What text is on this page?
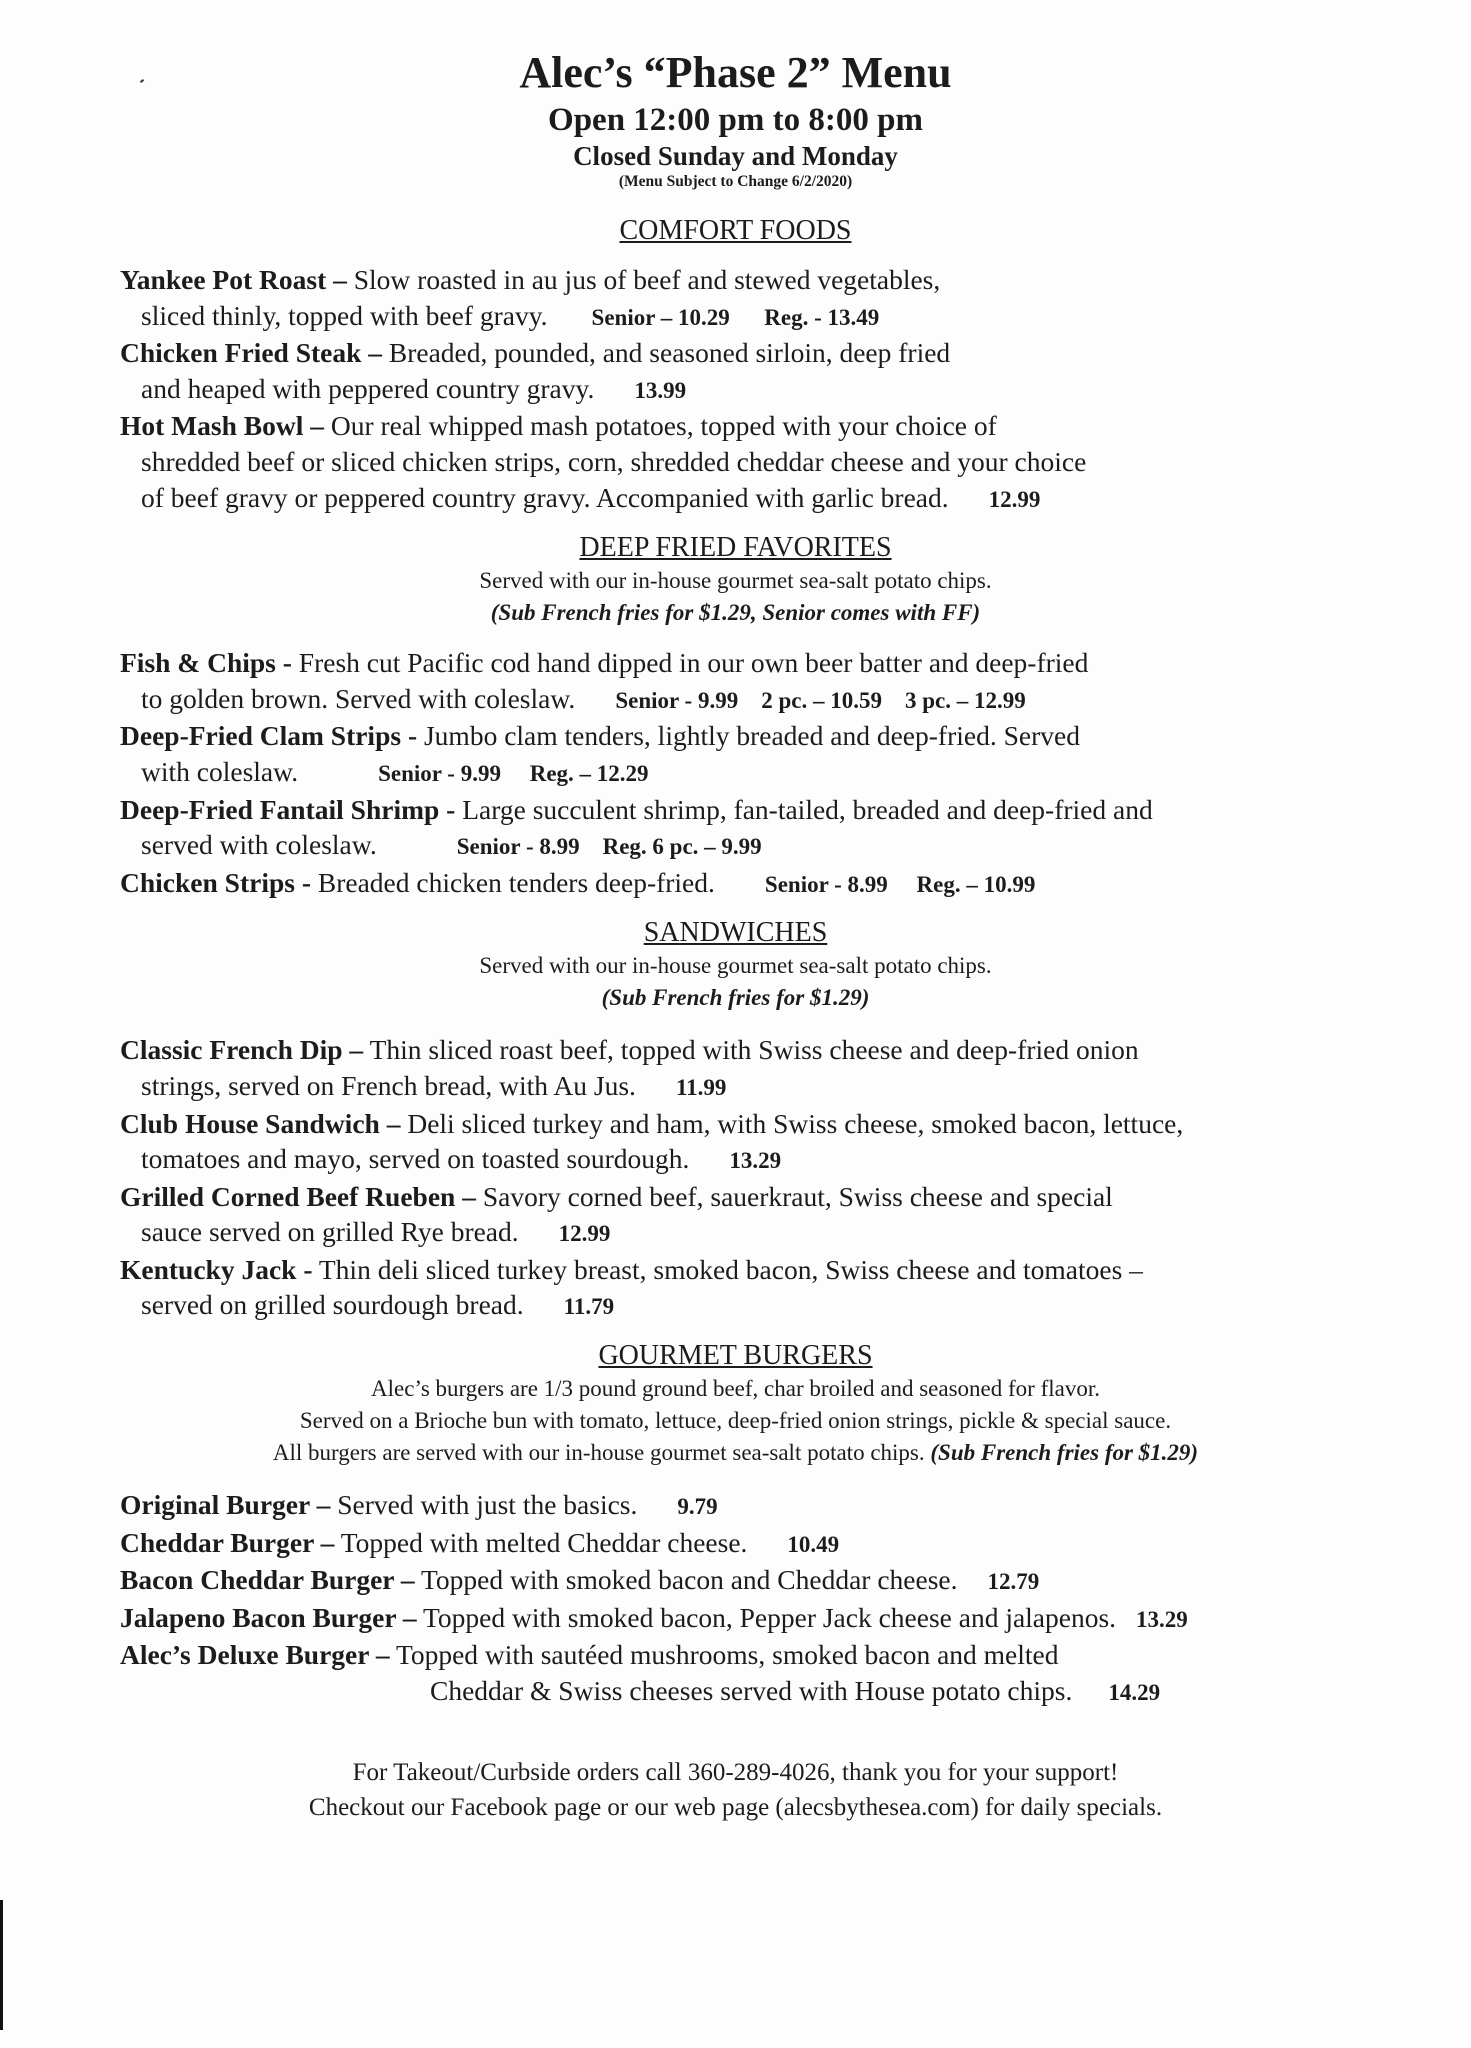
Alec’s “Phase 2” Menu

Open 12:00 pm to 8:00 pm

Closed Sunday and Monday

(Menu Subject to Change 6/2/2020)

COMFORT FOODS

Yankee Pot Roast – Slow roasted in au jus of beef and stewed vegetables,
sliced thinly, topped with beef gravy. Senior – 10.29      Reg. - 13.49
Chicken Fried Steak – Breaded, pounded, and seasoned sirloin, deep fried
and heaped with peppered country gravy. 13.99
Hot Mash Bowl – Our real whipped mash potatoes, topped with your choice of
shredded beef or sliced chicken strips, corn, shredded cheddar cheese and your choice
of beef gravy or peppered country gravy. Accompanied with garlic bread. 12.99

DEEP FRIED FAVORITES

Served with our in-house gourmet sea-salt potato chips.

(Sub French fries for $1.29, Senior comes with FF)

Fish & Chips - Fresh cut Pacific cod hand dipped in our own beer batter and deep-fried
to golden brown. Served with coleslaw. Senior - 9.99    2 pc. – 10.59    3 pc. – 12.99
Deep-Fried Clam Strips - Jumbo clam tenders, lightly breaded and deep-fried. Served
with coleslaw.	Senior - 9.99     Reg. – 12.29
Deep-Fried Fantail Shrimp - Large succulent shrimp, fan-tailed, breaded and deep-fried and
served with coleslaw.	Senior - 8.99    Reg. 6 pc. – 9.99
Chicken Strips - Breaded chicken tenders deep-fried. Senior - 8.99     Reg. – 10.99

SANDWICHES

Served with our in-house gourmet sea-salt potato chips.

(Sub French fries for $1.29)

Classic French Dip – Thin sliced roast beef, topped with Swiss cheese and deep-fried onion
strings, served on French bread, with Au Jus. 11.99
Club House Sandwich – Deli sliced turkey and ham, with Swiss cheese, smoked bacon, lettuce,
tomatoes and mayo, served on toasted sourdough. 13.29
Grilled Corned Beef Rueben – Savory corned beef, sauerkraut, Swiss cheese and special
sauce served on grilled Rye bread. 12.99
Kentucky Jack - Thin deli sliced turkey breast, smoked bacon, Swiss cheese and tomatoes –
served on grilled sourdough bread. 11.79

GOURMET BURGERS

Alec’s burgers are 1/3 pound ground beef, char broiled and seasoned for flavor.

Served on a Brioche bun with tomato, lettuce, deep-fried onion strings, pickle & special sauce.

All burgers are served with our in-house gourmet sea-salt potato chips. (Sub French fries for $1.29)

Original Burger – Served with just the basics. 9.79
Cheddar Burger – Topped with melted Cheddar cheese. 10.49
Bacon Cheddar Burger – Topped with smoked bacon and Cheddar cheese. 12.79
Jalapeno Bacon Burger – Topped with smoked bacon, Pepper Jack cheese and jalapenos. 13.29
Alec’s Deluxe Burger – Topped with sautéed mushrooms, smoked bacon and melted
Cheddar & Swiss cheeses served with House potato chips. 14.29
For Takeout/Curbside orders call 360-289-4026, thank you for your support!
Checkout our Facebook page or our web page (alecsbythesea.com) for daily specials.
